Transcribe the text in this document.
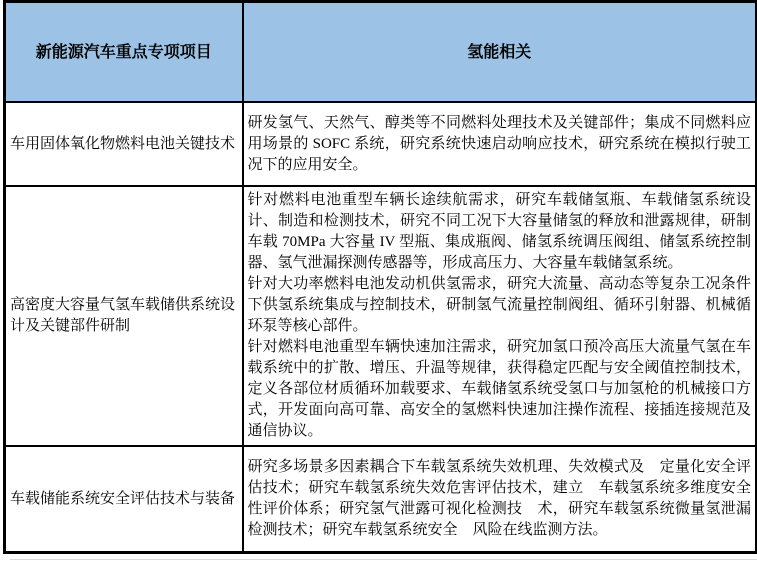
新能源汽车重点专项项目	氢能相关
车用固体氧化物燃料电池关键技术	研发氢气、天然气、醇类等不同燃料处理技术及关键部件；集成不同燃料应用场景的 SOFC 系统，研究系统快速启动响应技术，研究系统在模拟行驶工况下的应用安全。

高密度大容量气氢车载储供系统设计及关键部件研制	针对燃料电池重型车辆长途续航需求，研究车载储氢瓶、车载储氢系统设计、制造和检测技术，研究不同工况下大容量储氢的释放和泄露规律，研制车载 70MPa 大容量 IV 型瓶、集成瓶阀、储氢系统调压阀组、储氢系统控制器、氢气泄漏探测传感器等，形成高压力、大容量车载储氢系统。

针对大功率燃料电池发动机供氢需求，研究大流量、高动态等复杂工况条件下供氢系统集成与控制技术，研制氢气流量控制阀组、循环引射器、机械循环泵等核心部件。

针对燃料电池重型车辆快速加注需求，研究加氢口预冷高压大流量气氢在车载系统中的扩散、增压、升温等规律，获得稳定匹配与安全阈值控制技术，定义各部位材质循环加载要求、车载储氢系统受氢口与加氢枪的机械接口方式，开发面向高可靠、高安全的氢燃料快速加注操作流程、接插连接规范及通信协议。

车载储能系统安全评估技术与装备	研究多场景多因素耦合下车载氢系统失效机理、失效模式及　定量化安全评估技术；研究车载氢系统失效危害评估技术，建立　车载氢系统多维度安全性评价体系；研究氢气泄露可视化检测技　术，研究车载氢系统微量氢泄漏检测技术；研究车载氢系统安全　风险在线监测方法。
